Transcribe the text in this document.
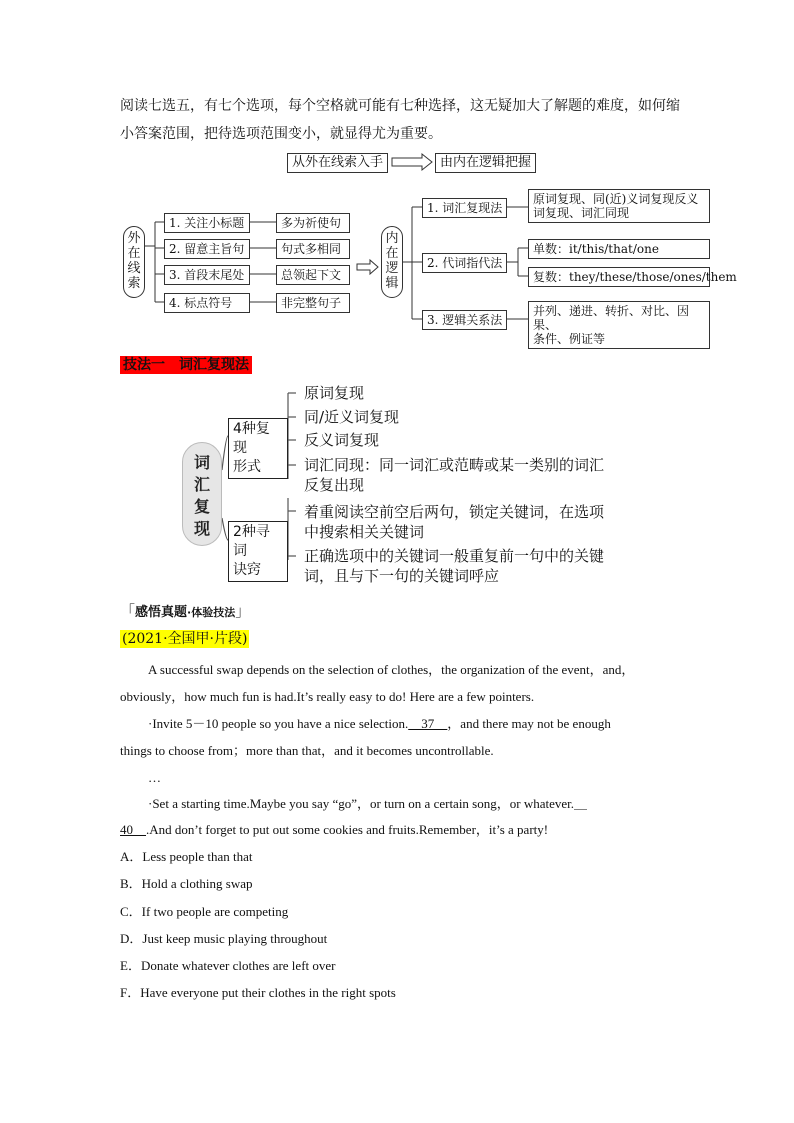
阅读七选五，有七个选项，每个空格就可能有七种选择，这无疑加大了解题的难度，如何缩
小答案范围，把待选项范围变小，就显得尤为重要。
从外在线索入手	由内在逻辑把握
外
在
线
索
1. 关注小标题
2. 留意主旨句
3. 首段末尾处
4. 标点符号
多为祈使句
句式多相同
总领起下文
非完整句子
内
在
逻
辑
1. 词汇复现法
2. 代词指代法
3. 逻辑关系法
原词复现、同(近)义词复现反义
词复现、词汇同现
单数：it/this/that/one
复数：they/these/those/ones/them
并列、递进、转折、对比、因果、
条件、例证等
技法一　词汇复现法
词
汇
复
现
4种复现
形式
2种寻词
诀窍
原词复现
同/近义词复现
反义词复现
词汇同现：同一词汇或范畴或某一类别的词汇
反复出现
着重阅读空前空后两句，锁定关键词，在选项
中搜索相关关键词
正确选项中的关键词一般重复前一句中的关键
词，且与下一句的关键词呼应
「感悟真题·体验技法」
(2021·全国甲·片段)
A successful swap depends on the selection of clothes，the organization of the event，and，
obviously，how much fun is had.It’s really easy to do! Here are a few pointers.
·Invite 5－10 people so you have a nice selection.＿37＿，and there may not be enough
things to choose from；more than that，and it becomes uncontrollable.
…
·Set a starting time.Maybe you say “go”，or turn on a certain song，or whatever.＿
40＿.And don’t forget to put out some cookies and fruits.Remember，it’s a party!
A．Less people than that
B．Hold a clothing swap
C．If two people are competing
D．Just keep music playing throughout
E．Donate whatever clothes are left over
F．Have everyone put their clothes in the right spots
